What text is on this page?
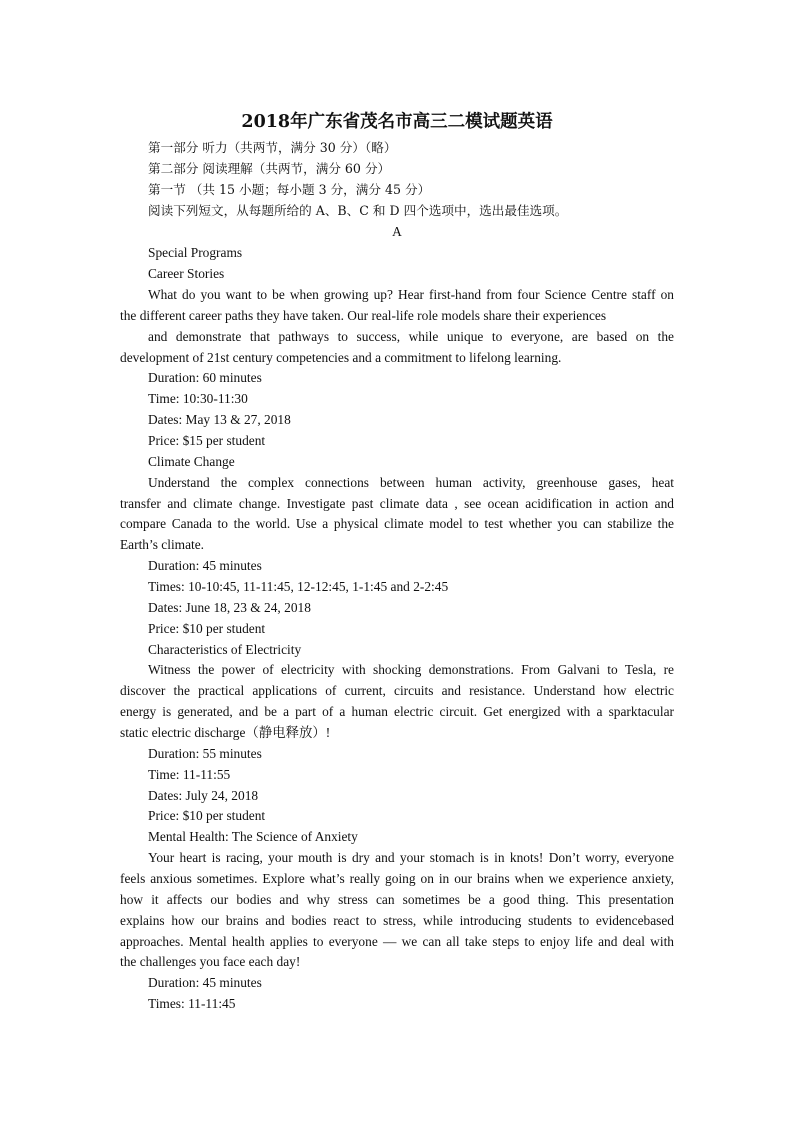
2018年广东省茂名市高三二模试题英语
第一部分 听力（共两节，满分 30 分）（略）
第二部分 阅读理解（共两节，满分 60 分）
第一节 （共 15 小题；每小题 3 分，满分 45 分）
阅读下列短文，从每题所给的 A、B、C 和 D 四个选项中，选出最佳选项。
A
Special Programs
Career Stories
What do you want to be when growing up? Hear first-hand from four Science Centre staff on
the different career paths they have taken. Our real-life role models share their experiences
and demonstrate that pathways to success, while unique to everyone, are based on the
development of 21st century competencies and a commitment to lifelong learning.
Duration: 60 minutes
Time: 10:30-11:30
Dates: May 13 & 27, 2018
Price: $15 per student
Climate Change
Understand the complex connections between human activity, greenhouse gases, heat
transfer and climate change. Investigate past climate data , see ocean acidification in action and
compare Canada to the world. Use a physical climate model to test whether you can stabilize the
Earth’s climate.
Duration: 45 minutes
Times: 10-10:45, 11-11:45, 12-12:45, 1-1:45 and 2-2:45
Dates: June 18, 23 & 24, 2018
Price: $10 per student
Characteristics of Electricity
Witness the power of electricity with shocking demonstrations. From Galvani to Tesla, re
discover the practical applications of current, circuits and resistance. Understand how electric
energy is generated, and be a part of a human electric circuit. Get energized with a sparktacular
static electric discharge（静电释放）!
Duration: 55 minutes
Time: 11-11:55
Dates: July 24, 2018
Price: $10 per student
Mental Health: The Science of Anxiety
Your heart is racing, your mouth is dry and your stomach is in knots! Don’t worry, everyone
feels anxious sometimes. Explore what’s really going on in our brains when we experience anxiety,
how it affects our bodies and why stress can sometimes be a good thing. This presentation
explains how our brains and bodies react to stress, while introducing students to evidencebased
approaches. Mental health applies to everyone — we can all take steps to enjoy life and deal with
the challenges you face each day!
Duration: 45 minutes
Times: 11-11:45
